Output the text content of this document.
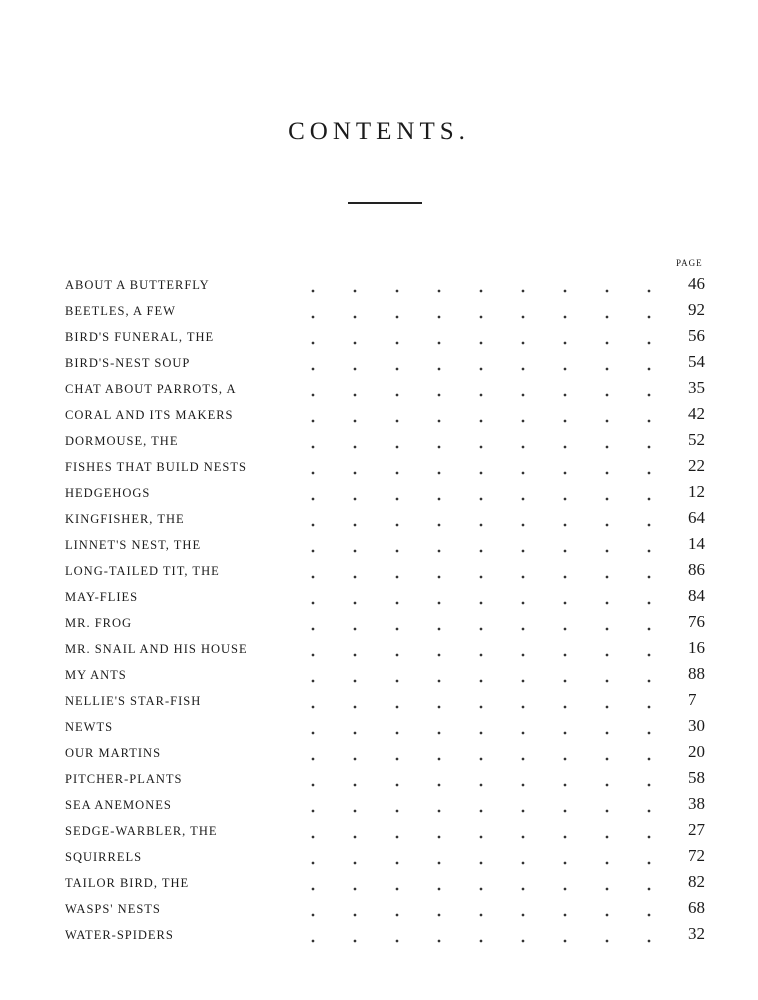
CONTENTS.
PAGE
ABOUT A BUTTERFLY	46
BEETLES, A FEW	92
BIRD'S FUNERAL, THE	56
BIRD'S-NEST SOUP	54
CHAT ABOUT PARROTS, A	35
CORAL AND ITS MAKERS	42
DORMOUSE, THE	52
FISHES THAT BUILD NESTS	22
HEDGEHOGS	12
KINGFISHER, THE	64
LINNET'S NEST, THE	14
LONG-TAILED TIT, THE	86
MAY-FLIES	84
MR. FROG	76
MR. SNAIL AND HIS HOUSE	16
MY ANTS	88
NELLIE'S STAR-FISH	7
NEWTS	30
OUR MARTINS	20
PITCHER-PLANTS	58
SEA ANEMONES	38
SEDGE-WARBLER, THE	27
SQUIRRELS	72
TAILOR BIRD, THE	82
WASPS' NESTS	68
WATER-SPIDERS	32
